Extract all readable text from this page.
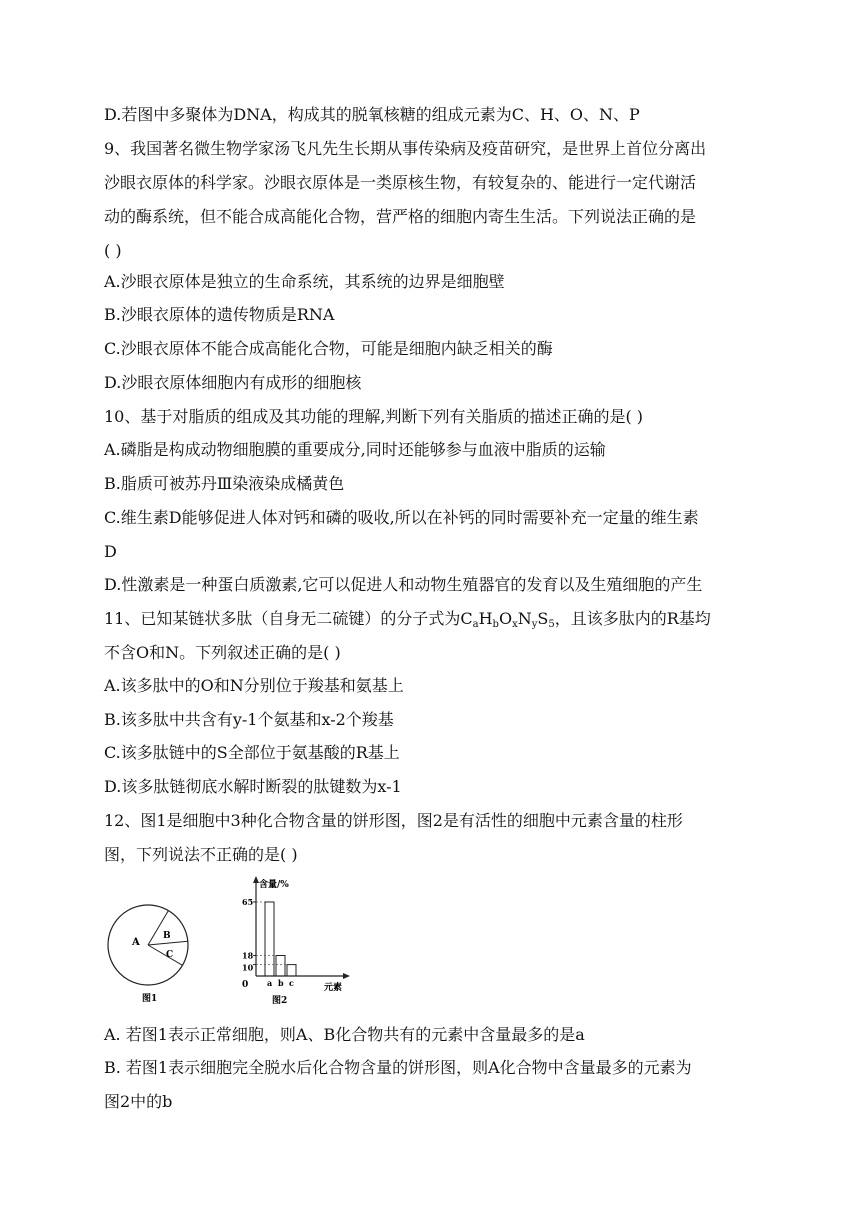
D.若图中多聚体为DNA，构成其的脱氧核糖的组成元素为C、H、O、N、P

9、我国著名微生物学家汤飞凡先生长期从事传染病及疫苗研究，是世界上首位分离出

沙眼衣原体的科学家。沙眼衣原体是一类原核生物，有较复杂的、能进行一定代谢活

动的酶系统，但不能合成高能化合物，营严格的细胞内寄生生活。下列说法正确的是

( )

A.沙眼衣原体是独立的生命系统，其系统的边界是细胞壁

B.沙眼衣原体的遗传物质是RNA

C.沙眼衣原体不能合成高能化合物，可能是细胞内缺乏相关的酶

D.沙眼衣原体细胞内有成形的细胞核

10、基于对脂质的组成及其功能的理解,判断下列有关脂质的描述正确的是( )

A.磷脂是构成动物细胞膜的重要成分,同时还能够参与血液中脂质的运输

B.脂质可被苏丹Ⅲ染液染成橘黄色

C.维生素D能够促进人体对钙和磷的吸收,所以在补钙的同时需要补充一定量的维生素

D

D.性激素是一种蛋白质激素,它可以促进人和动物生殖器官的发育以及生殖细胞的产生

11、已知某链状多肽（自身无二硫键）的分子式为$C_aH_bO_xN_yS_5$，且该多肽内的R基均

不含O和N。下列叙述正确的是( )

A.该多肽中的O和N分别位于羧基和氨基上

B.该多肽中共含有y-1个氨基和x-2个羧基

C.该多肽链中的S全部位于氨基酸的R基上

D.该多肽链彻底水解时断裂的肽键数为x-1

12、图1是细胞中3种化合物含量的饼形图，图2是有活性的细胞中元素含量的柱形

图，下列说法不正确的是( )

A
B
C
图1
含量/%
元素
0
图2
a b c
10
18
65

A. 若图1表示正常细胞，则A、B化合物共有的元素中含量最多的是a

B. 若图1表示细胞完全脱水后化合物含量的饼形图，则A化合物中含量最多的元素为

图2中的b
